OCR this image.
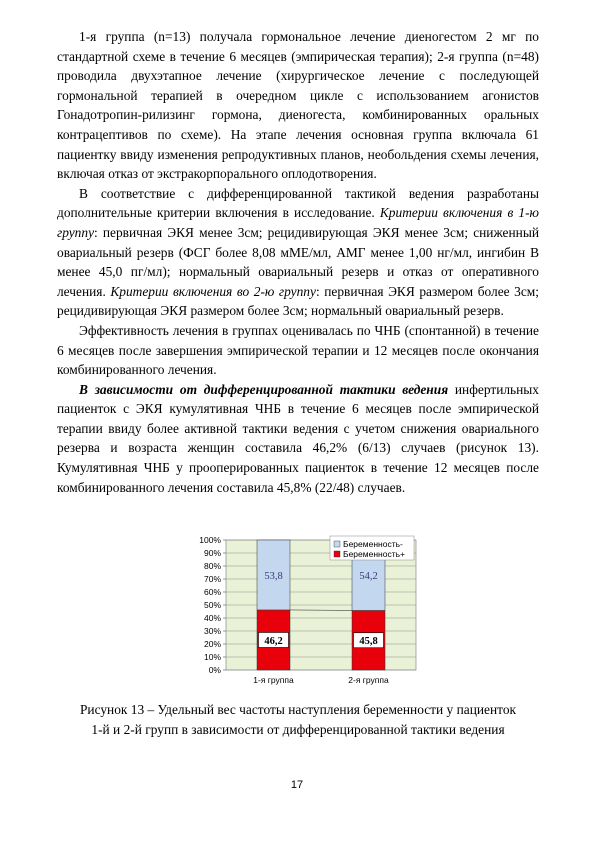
1-я группа (n=13) получала гормональное лечение диеногестом 2 мг по стандартной схеме в течение 6 месяцев (эмпирическая терапия); 2-я группа (n=48) проводила двухэтапное лечение (хирургическое лечение с последующей гормональной терапией в очередном цикле с использованием агонистов Гонадотропин-рилизинг гормона, диеногеста, комбинированных оральных контрацептивов по схеме). На этапе лечения основная группа включала 61 пациентку ввиду изменения репродуктивных планов, необольдения схемы лечения, включая отказ от экстракорпорального оплодотворения.

В соответствие с дифференцированной тактикой ведения разработаны дополнительные критерии включения в исследование. Критерии включения в 1-ю группу: первичная ЭКЯ менее 3см; рецидивирующая ЭКЯ менее 3см; сниженный овариальный резерв (ФСГ более 8,08 мМЕ/мл, АМГ менее 1,00 нг/мл, ингибин В менее 45,0 пг/мл); нормальный овариальный резерв и отказ от оперативного лечения. Критерии включения во 2-ю группу: первичная ЭКЯ размером более 3см; рецидивирующая ЭКЯ размером более 3см; нормальный овариальный резерв.

Эффективность лечения в группах оценивалась по ЧНБ (спонтанной) в течение 6 месяцев после завершения эмпирической терапии и 12 месяцев после окончания комбинированного лечения.

В зависимости от дифференцированной тактики ведения инфертильных пациенток с ЭКЯ кумулятивная ЧНБ в течение 6 месяцев после эмпирической терапии ввиду более активной тактики ведения с учетом снижения овариального резерва и возраста женщин составила 46,2% (6/13) случаев (рисунок 13). Кумулятивная ЧНБ у прооперированных пациенток в течение 12 месяцев после комбинированного лечения составила 45,8% (22/48) случаев.

0%
10%
20%
30%
40%
50%
60%
70%
80%
90%
100%
46,2
53,8
1-я группа
45,8
54,2
2-я группа
Беременность-
Беременность+
Рисунок 13 – Удельный вес частоты наступления беременности у пациенток
1-й и 2-й групп в зависимости от дифференцированной тактики ведения
17
